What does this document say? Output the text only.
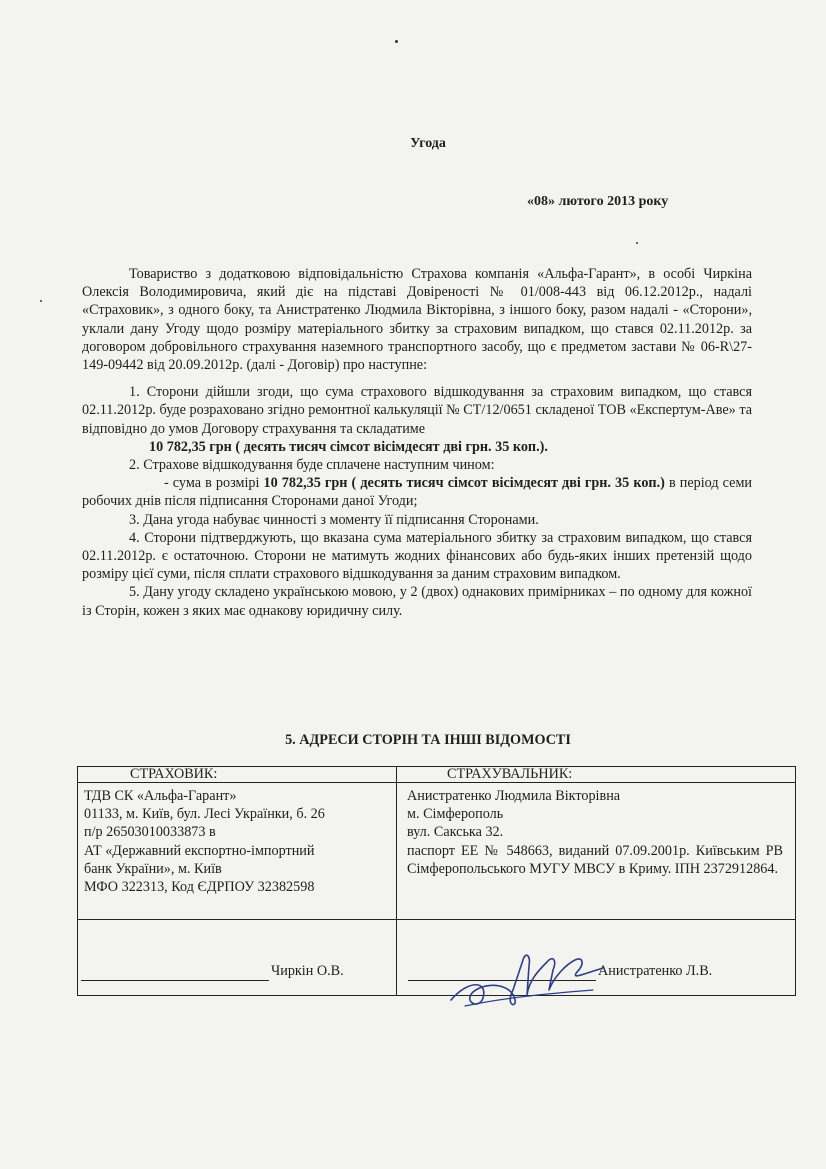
Угода
«08» лютого 2013 року

Товариство з додатковою відповідальністю Страхова компанія «Альфа-Гарант», в особі Чиркіна Олексія Володимировича, який діє на підставі Довіреності № 01/008-443 від 06.12.2012р., надалі «Страховик», з одного боку, та Анистратенко Людмила Вікторівна, з іншого боку, разом надалі - «Сторони», уклали дану Угоду щодо розміру матеріального збитку за страховим випадком, що стався 02.11.2012р. за договором добровільного страхування наземного транспортного засобу, що є предметом застави № 06-R\27-149-09442 від 20.09.2012р. (далі - Договір) про наступне:

1. Сторони дійшли згоди, що сума страхового відшкодування за страховим випадком, що стався 02.11.2012р. буде розраховано згідно ремонтної калькуляції № СТ/12/0651 складеної ТОВ «Експертум-Аве» та відповідно до умов Договору страхування та складатиме

10 782,35 грн ( десять тисяч сімсот вісімдесят дві грн. 35 коп.).

2. Страхове відшкодування буде сплачене наступним чином:

- сума в розмірі 10 782,35 грн ( десять тисяч сімсот вісімдесят дві грн. 35 коп.) в період семи робочих днів після підписання Сторонами даної Угоди;

3. Дана угода набуває чинності з моменту її підписання Сторонами.

4. Сторони підтверджують, що вказана сума матеріального збитку за страховим випадком, що стався 02.11.2012р. є остаточною. Сторони не матимуть жодних фінансових або будь-яких інших претензій щодо розміру цієї суми, після сплати страхового відшкодування за даним страховим випадком.

5. Дану угоду складено українською мовою, у 2 (двох) однакових примірниках – по одному для кожної із Сторін, кожен з яких має однакову юридичну силу.

5. АДРЕСИ СТОРІН ТА ІНШІ ВІДОМОСТІ
СТРАХОВИК:	СТРАХУВАЛЬНИК:
ТДВ СК «Альфа-Гарант»
01133, м. Київ, бул. Лесі Українки, б. 26
п/р 26503010033873 в
АТ «Державний експортно-імпортний
банк України», м. Київ
МФО 322313, Код ЄДРПОУ 32382598
Анистратенко Людмила Вікторівна
м. Сімферополь
вул. Сакська 32.
паспорт ЕЕ № 548663, виданий 07.09.2001р. Київським РВ Сімферопольського МУГУ МВСУ в Криму. ІПН 2372912864.
Чиркін О.В.	Анистратенко Л.В.
